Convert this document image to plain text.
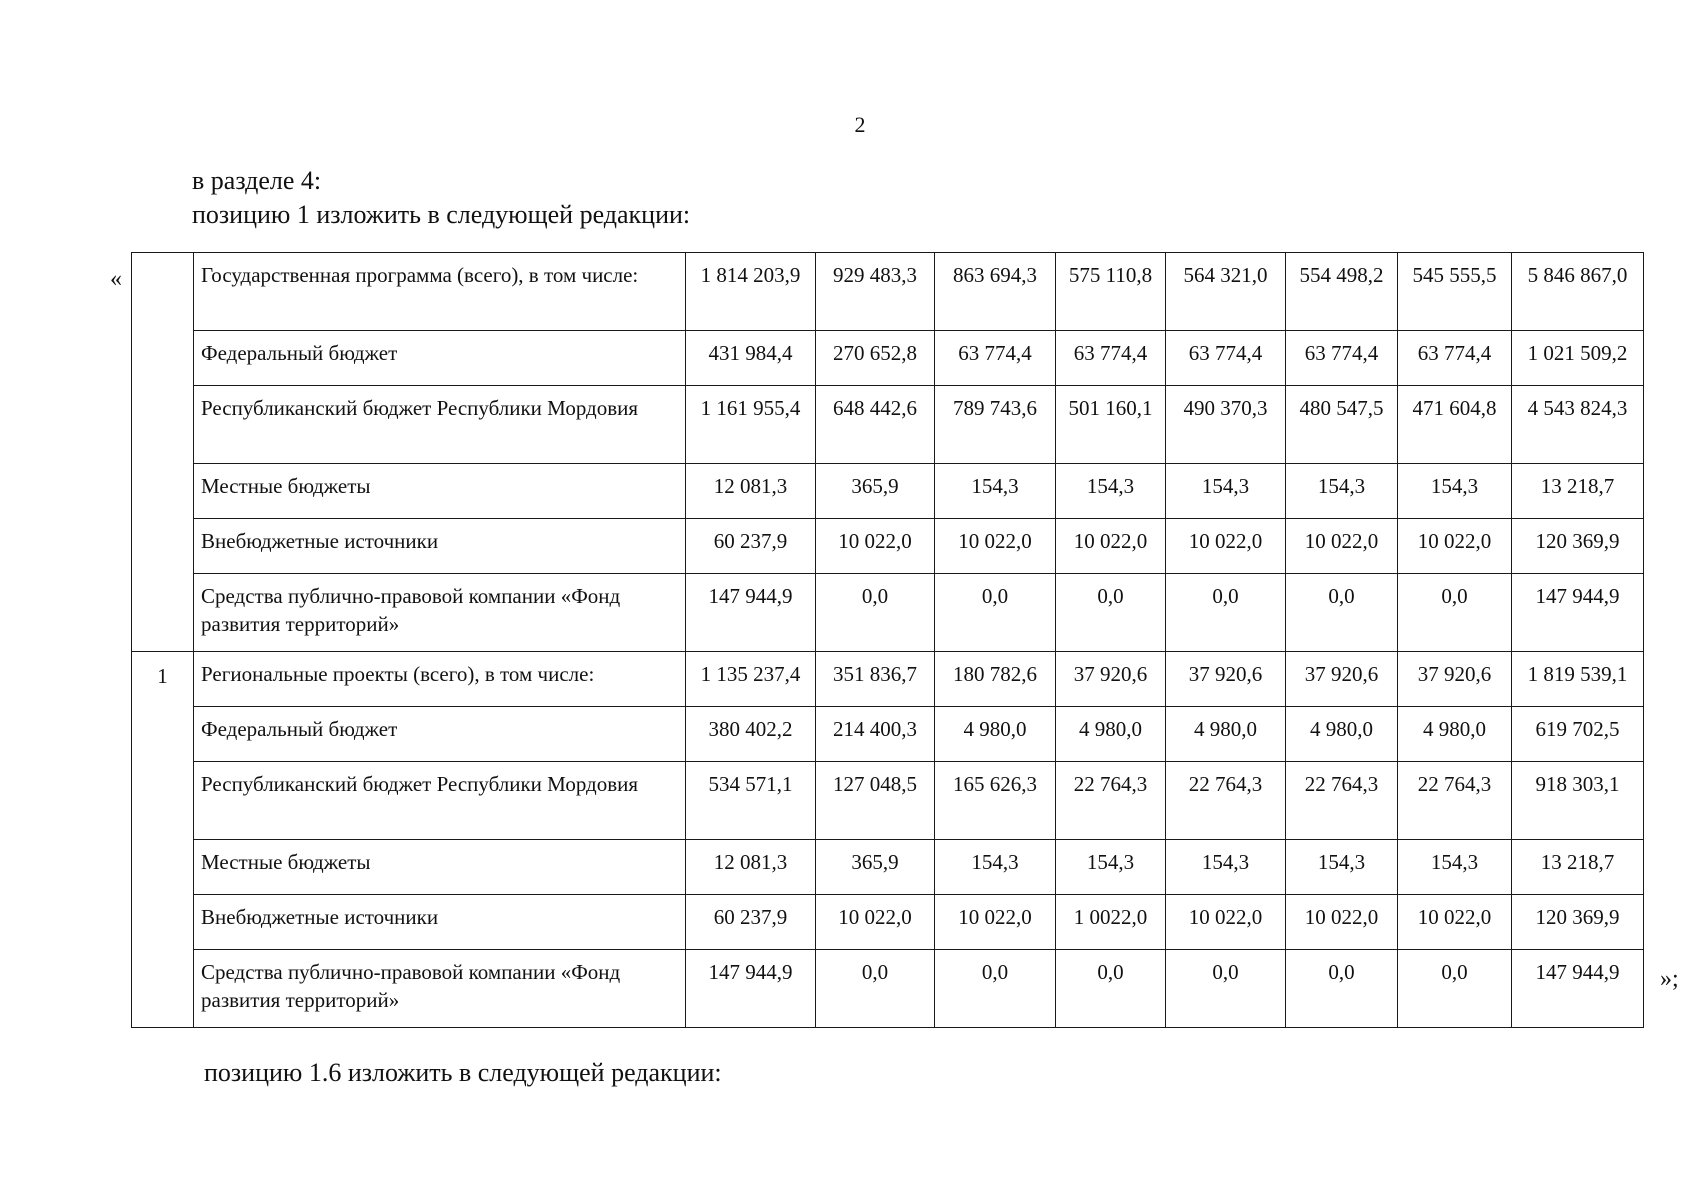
2
в разделе 4:
позицию 1 изложить в следующей редакции:
«
		Государственная программа (всего), в том числе:	1 814 203,9	929 483,3	863 694,3	575 110,8	564 321,0	554 498,2	545 555,5	5 846 867,0
	Федеральный бюджет	431 984,4	270 652,8	63 774,4	63 774,4	63 774,4	63 774,4	63 774,4	1 021 509,2
	Республиканский бюджет Республики Мордовия	1 161 955,4	648 442,6	789 743,6	501 160,1	490 370,3	480 547,5	471 604,8	4 543 824,3
	Местные бюджеты	12 081,3	365,9	154,3	154,3	154,3	154,3	154,3	13 218,7
	Внебюджетные источники	60 237,9	10 022,0	10 022,0	10 022,0	10 022,0	10 022,0	10 022,0	120 369,9
	Средства публично-правовой компании «Фонд развития территорий»	147 944,9	0,0	0,0	0,0	0,0	0,0	0,0	147 944,9
1	Региональные проекты (всего), в том числе:	1 135 237,4	351 836,7	180 782,6	37 920,6	37 920,6	37 920,6	37 920,6	1 819 539,1
	Федеральный бюджет	380 402,2	214 400,3	4 980,0	4 980,0	4 980,0	4 980,0	4 980,0	619 702,5
	Республиканский бюджет Республики Мордовия	534 571,1	127 048,5	165 626,3	22 764,3	22 764,3	22 764,3	22 764,3	918 303,1
	Местные бюджеты	12 081,3	365,9	154,3	154,3	154,3	154,3	154,3	13 218,7
	Внебюджетные источники	60 237,9	10 022,0	10 022,0	1 0022,0	10 022,0	10 022,0	10 022,0	120 369,9
	Средства публично-правовой компании «Фонд развития территорий»	147 944,9	0,0	0,0	0,0	0,0	0,0	0,0	147 944,9 »;
позицию 1.6 изложить в следующей редакции:
